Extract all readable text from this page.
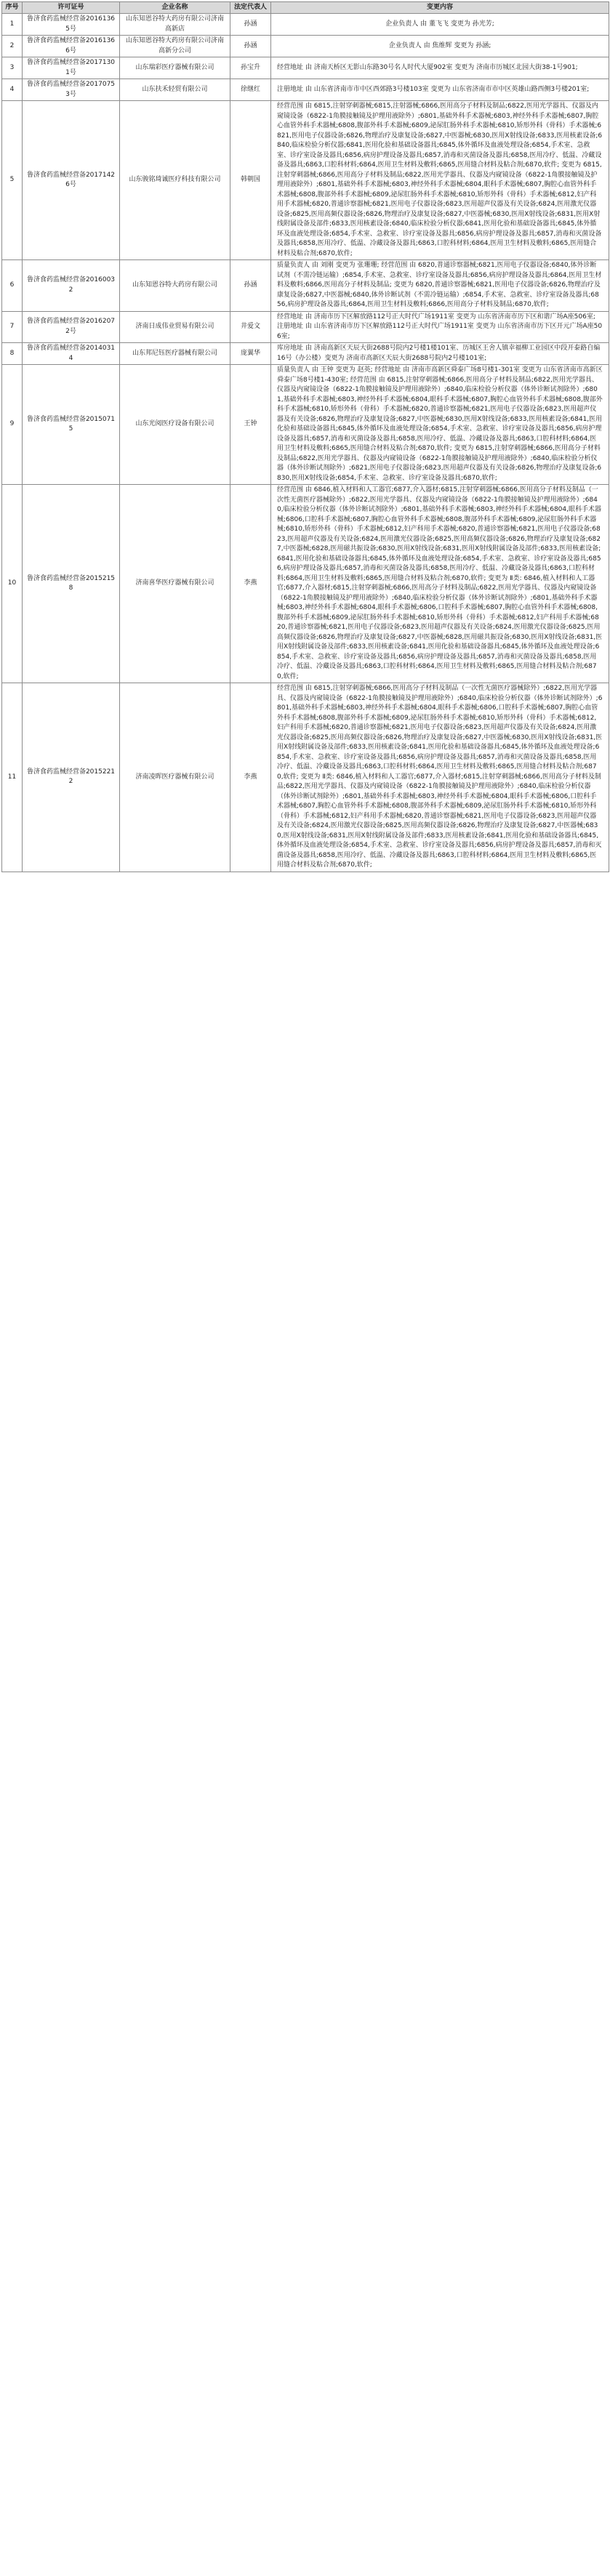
序号	许可证号	企业名称	法定代表人	变更内容
1	鲁济食药监械经营备20161365号	山东知恩谷特大药房有限公司济南高新店	孙涵	企业负责人 由 董飞飞 变更为 孙光芳;
2	鲁济食药监械经营备20161366号	山东知恩谷特大药房有限公司济南高新分公司	孙涵	企业负责人 由 焦维辉 变更为 孙涵;
3	鲁济食药监械经营备20171301号	山东瑞彩医疗器械有限公司	孙宝升	经营地址 由 济南天桥区无影山东路30号名人时代大厦902室 变更为 济南市历城区北园大街38-1号901;
4	鲁济食药监械经营备20170753号	山东扶禾轻贸有限公司	徐继红	注册地址 由 山东省济南市市中区西郊路3号楼103室 变更为 山东省济南市市中区英雄山路西侧3号楼201室;
5	鲁济食药监械经营备20171426号	山东骏铭琦诚医疗科技有限公司	韩朝国	经营范围 由 6815,注射穿刺器械;6815,注射器械;6866,医用高分子材料及制品;6822,医用光学器具、仪器及内窥镜设备（6822-1角膜接触镜及护理用液除外）;6801,基础外科手术器械;6803,神经外科手术器械;6807,胸腔心血管外科手术器械;6808,腹部外科手术器械;6809,泌尿肛肠外科手术器械;6810,矫形外科（骨科）手术器械;6821,医用电子仪器设备;6826,物理治疗及康复设备;6827,中医器械;6830,医用X射线设备;6833,医用核素设备;6840,临床检验分析仪器;6841,医用化验和基础设备器具;6845,体外循环及血液处理设备;6854,手术室、急救室、诊疗室设备及器具;6856,病房护理设备及器具;6857,消毒和灭菌设备及器具;6858,医用冷疗、低温、冷藏设备及器具;6863,口腔科材料;6864,医用卫生材料及敷料;6865,医用缝合材料及粘合剂;6870,软件; 变更为 6815,注射穿刺器械;6866,医用高分子材料及制品;6822,医用光学器具、仪器及内窥镜设备（6822-1角膜接触镜及护理用液除外）;6801,基础外科手术器械;6803,神经外科手术器械;6804,眼科手术器械;6807,胸腔心血管外科手术器械;6808,腹部外科手术器械;6809,泌尿肛肠外科手术器械;6810,矫形外科（骨科）手术器械;6812,妇产科用手术器械;6820,普通诊察器械;6821,医用电子仪器设备;6823,医用超声仪器及有关设备;6824,医用激光仪器设备;6825,医用高频仪器设备;6826,物理治疗及康复设备;6827,中医器械;6830,医用X射线设备;6831,医用X射线附属设备及部件;6833,医用核素设备;6840,临床检验分析仪器;6841,医用化验和基础设备器具;6845,体外循环及血液处理设备;6854,手术室、急救室、诊疗室设备及器具;6856,病房护理设备及器具;6857,消毒和灭菌设备及器具;6858,医用冷疗、低温、冷藏设备及器具;6863,口腔科材料;6864,医用卫生材料及敷料;6865,医用缝合材料及粘合剂;6870,软件;
6	鲁济食药监械经营备20160032	山东知恩谷特大药房有限公司	孙涵	质量负责人 由 刘刚 变更为 张珊珊; 经营范围 由 6820,普通诊察器械;6821,医用电子仪器设备;6840,体外诊断试剂（不需冷链运输）;6854,手术室、急救室、诊疗室设备及器具;6856,病房护理设备及器具;6864,医用卫生材料及敷料;6866,医用高分子材料及制品; 变更为 6820,普通诊察器械;6821,医用电子仪器设备;6826,物理治疗及康复设备;6827,中医器械;6840,体外诊断试剂（不需冷链运输）;6854,手术室、急救室、诊疗室设备及器具;6856,病房护理设备及器具;6864,医用卫生材料及敷料;6866,医用高分子材料及制品;6870,软件;
7	鲁济食药监械经营备20162072号	济南日成伟业贸易有限公司	井爱文	经营地址 由 济南市历下区解放路112号正大时代广场1911室 变更为 山东省济南市历下区和谐广场A座506室; 注册地址 由 山东省济南市历下区解放路112号正大时代广场1911室 变更为 山东省济南市历下区开元广场A座506室;
8	鲁济食药监械经营备20140314	山东邦尼钰医疗器械有限公司	庞翼华	库房地址 由 济南高新区天辰大街2688号院内2号楼1楼101室、历城区王舍人镇幸福柳工业园区中段开泰路自编16号（办公楼）变更为 济南市高新区天辰大街2688号院内2号楼101室;
9	鲁济食药监械经营备20150715	山东光阅医疗设备有限公司	王钟	质量负责人 由 王钟 变更为 赵英; 经营地址 由 济南市高新区舜泰广场8号楼1-301室 变更为 山东省济南市高新区舜泰广场8号楼1-430室; 经营范围 由 6815,注射穿刺器械;6866,医用高分子材料及制品;6822,医用光学器具、仪器及内窥镜设备（6822-1角膜接触镜及护理用液除外）;6840,临床检验分析仪器（体外诊断试剂除外）;6801,基础外科手术器械;6803,神经外科手术器械;6804,眼科手术器械;6807,胸腔心血管外科手术器械;6808,腹部外科手术器械;6810,矫形外科（骨科）手术器械;6820,普通诊察器械;6821,医用电子仪器设备;6823,医用超声仪器及有关设备;6826,物理治疗及康复设备;6827,中医器械;6830,医用X射线设备;6833,医用核素设备;6841,医用化验和基础设备器具;6845,体外循环及血液处理设备;6854,手术室、急救室、诊疗室设备及器具;6856,病房护理设备及器具;6857,消毒和灭菌设备及器具;6858,医用冷疗、低温、冷藏设备及器具;6863,口腔科材料;6864,医用卫生材料及敷料;6865,医用缝合材料及粘合剂;6870,软件; 变更为 6815,注射穿刺器械;6866,医用高分子材料及制品;6822,医用光学器具、仪器及内窥镜设备（6822-1角膜接触镜及护理用液除外）;6840,临床检验分析仪器（体外诊断试剂除外）;6821,医用电子仪器设备;6823,医用超声仪器及有关设备;6826,物理治疗及康复设备;6830,医用X射线设备;6854,手术室、急救室、诊疗室设备及器具;6870,软件;
10	鲁济食药监械经营备20152158	济南喜华医疗器械有限公司	李燕	经营范围 由 6846,植入材料和人工器官;6877,介入器材;6815,注射穿刺器械;6866,医用高分子材料及制品（一次性无菌医疗器械除外）;6822,医用光学器具、仪器及内窥镜设备（6822-1角膜接触镜及护理用液除外）;6840,临床检验分析仪器（体外诊断试剂除外）;6801,基础外科手术器械;6803,神经外科手术器械;6804,眼科手术器械;6806,口腔科手术器械;6807,胸腔心血管外科手术器械;6808,腹部外科手术器械;6809,泌尿肛肠外科手术器械;6810,矫形外科（骨科）手术器械;6812,妇产科用手术器械;6820,普通诊察器械;6821,医用电子仪器设备;6823,医用超声仪器及有关设备;6824,医用激光仪器设备;6825,医用高频仪器设备;6826,物理治疗及康复设备;6827,中医器械;6828,医用磁共振设备;6830,医用X射线设备;6831,医用X射线附属设备及部件;6833,医用核素设备;6841,医用化验和基础设备器具;6845,体外循环及血液处理设备;6854,手术室、急救室、诊疗室设备及器具;6856,病房护理设备及器具;6857,消毒和灭菌设备及器具;6858,医用冷疗、低温、冷藏设备及器具;6863,口腔科材料;6864,医用卫生材料及敷料;6865,医用缝合材料及粘合剂;6870,软件; 变更为 Ⅱ类: 6846,植入材料和人工器官;6877,介入器材;6815,注射穿刺器械;6866,医用高分子材料及制品;6822,医用光学器具、仪器及内窥镜设备（6822-1角膜接触镜及护理用液除外）;6840,临床检验分析仪器（体外诊断试剂除外）;6801,基础外科手术器械;6803,神经外科手术器械;6804,眼科手术器械;6806,口腔科手术器械;6807,胸腔心血管外科手术器械;6808,腹部外科手术器械;6809,泌尿肛肠外科手术器械;6810,矫形外科（骨科）手术器械;6812,妇产科用手术器械;6820,普通诊察器械;6821,医用电子仪器设备;6823,医用超声仪器及有关设备;6824,医用激光仪器设备;6825,医用高频仪器设备;6826,物理治疗及康复设备;6827,中医器械;6828,医用磁共振设备;6830,医用X射线设备;6831,医用X射线附属设备及部件;6833,医用核素设备;6841,医用化验和基础设备器具;6845,体外循环及血液处理设备;6854,手术室、急救室、诊疗室设备及器具;6856,病房护理设备及器具;6857,消毒和灭菌设备及器具;6858,医用冷疗、低温、冷藏设备及器具;6863,口腔科材料;6864,医用卫生材料及敷料;6865,医用缝合材料及粘合剂;6870,软件;
11	鲁济食药监械经营备20152212	济南凌晖医疗器械有限公司	李燕	经营范围 由 6815,注射穿刺器械;6866,医用高分子材料及制品（一次性无菌医疗器械除外）;6822,医用光学器具、仪器及内窥镜设备（6822-1角膜接触镜及护理用液除外）;6840,临床检验分析仪器（体外诊断试剂除外）;6801,基础外科手术器械;6803,神经外科手术器械;6804,眼科手术器械;6806,口腔科手术器械;6807,胸腔心血管外科手术器械;6808,腹部外科手术器械;6809,泌尿肛肠外科手术器械;6810,矫形外科（骨科）手术器械;6812,妇产科用手术器械;6820,普通诊察器械;6821,医用电子仪器设备;6823,医用超声仪器及有关设备;6824,医用激光仪器设备;6825,医用高频仪器设备;6826,物理治疗及康复设备;6827,中医器械;6830,医用X射线设备;6831,医用X射线附属设备及部件;6833,医用核素设备;6841,医用化验和基础设备器具;6845,体外循环及血液处理设备;6854,手术室、急救室、诊疗室设备及器具;6856,病房护理设备及器具;6857,消毒和灭菌设备及器具;6858,医用冷疗、低温、冷藏设备及器具;6863,口腔科材料;6864,医用卫生材料及敷料;6865,医用缝合材料及粘合剂;6870,软件; 变更为 Ⅱ类: 6846,植入材料和人工器官;6877,介入器材;6815,注射穿刺器械;6866,医用高分子材料及制品;6822,医用光学器具、仪器及内窥镜设备（6822-1角膜接触镜及护理用液除外）;6840,临床检验分析仪器（体外诊断试剂除外）;6801,基础外科手术器械;6803,神经外科手术器械;6804,眼科手术器械;6806,口腔科手术器械;6807,胸腔心血管外科手术器械;6808,腹部外科手术器械;6809,泌尿肛肠外科手术器械;6810,矫形外科（骨科）手术器械;6812,妇产科用手术器械;6820,普通诊察器械;6821,医用电子仪器设备;6823,医用超声仪器及有关设备;6824,医用激光仪器设备;6825,医用高频仪器设备;6826,物理治疗及康复设备;6827,中医器械;6830,医用X射线设备;6831,医用X射线附属设备及部件;6833,医用核素设备;6841,医用化验和基础设备器具;6845,体外循环及血液处理设备;6854,手术室、急救室、诊疗室设备及器具;6856,病房护理设备及器具;6857,消毒和灭菌设备及器具;6858,医用冷疗、低温、冷藏设备及器具;6863,口腔科材料;6864,医用卫生材料及敷料;6865,医用缝合材料及粘合剂;6870,软件;
